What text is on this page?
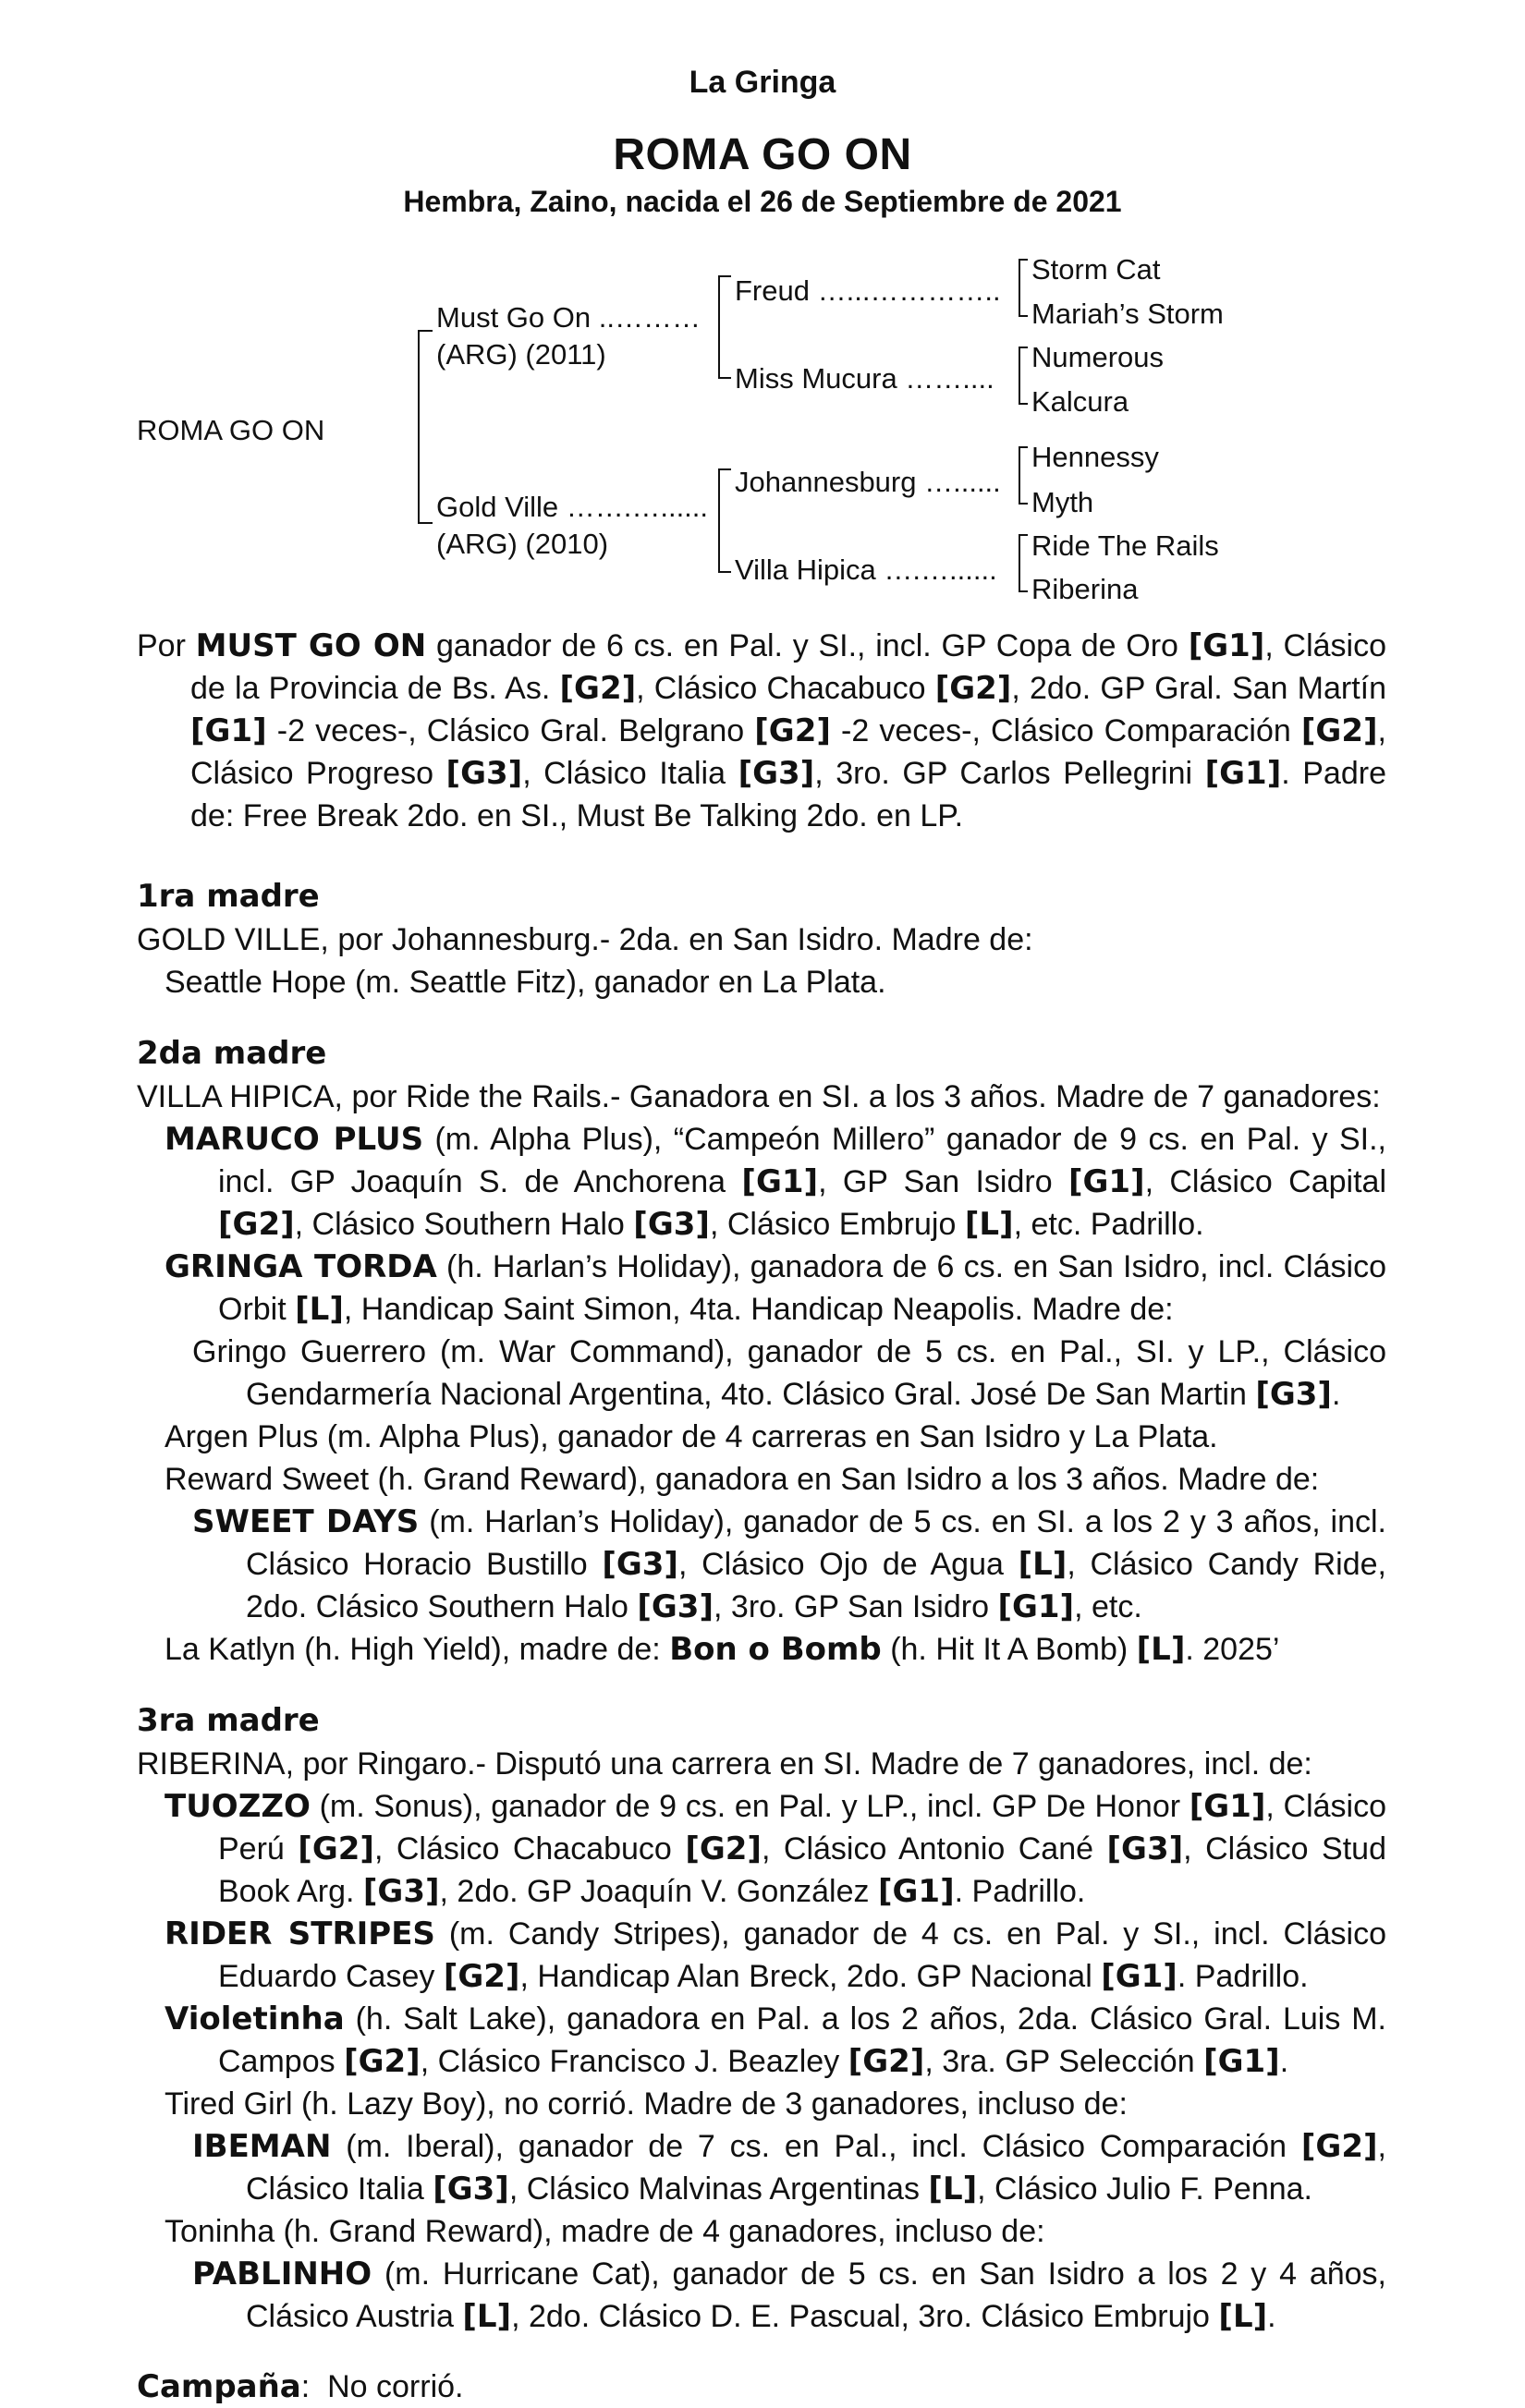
La Gringa
ROMA GO ON
Hembra, Zaino, nacida el 26 de Septiembre de 2021
ROMA GO ON
Must Go On ..………
(ARG) (2011)
Gold Ville …….…......
(ARG) (2010)
Freud …...…………..
Miss Mucura ……....
Johannesburg …......
Villa Hipica ….…......
Storm Cat
Mariah’s Storm
Numerous
Kalcura
Hennessy
Myth
Ride The Rails
Riberina

Por MUST GO ON ganador de 6 cs. en Pal. y SI., incl. GP Copa de Oro [G1], Clásico de la Provincia de Bs. As. [G2], Clásico Chacabuco [G2], 2do. GP Gral. San Martín [G1] -2 veces-, Clásico Gral. Belgrano [G2] -2 veces-, Clásico Comparación [G2], Clásico Progreso [G3], Clásico Italia [G3], 3ro. GP Carlos Pellegrini [G1]. Padre de: Free Break 2do. en SI., Must Be Talking 2do. en LP.

1ra madre

GOLD VILLE, por Johannesburg.- 2da. en San Isidro. Madre de:

Seattle Hope (m. Seattle Fitz), ganador en La Plata.

2da madre

VILLA HIPICA, por Ride the Rails.- Ganadora en SI. a los 3 años. Madre de 7 ganadores:

MARUCO PLUS (m. Alpha Plus), “Campeón Millero” ganador de 9 cs. en Pal. y SI., incl. GP Joaquín S. de Anchorena [G1], GP San Isidro [G1], Clásico Capital [G2], Clásico Southern Halo [G3], Clásico Embrujo [L], etc. Padrillo.

GRINGA TORDA (h. Harlan’s Holiday), ganadora de 6 cs. en San Isidro, incl. Clásico Orbit [L], Handicap Saint Simon, 4ta. Handicap Neapolis. Madre de:

Gringo Guerrero (m. War Command), ganador de 5 cs. en Pal., SI. y LP., Clásico Gendarmería Nacional Argentina, 4to. Clásico Gral. José De San Martin [G3].

Argen Plus (m. Alpha Plus), ganador de 4 carreras en San Isidro y La Plata.

Reward Sweet (h. Grand Reward), ganadora en San Isidro a los 3 años. Madre de:

SWEET DAYS (m. Harlan’s Holiday), ganador de 5 cs. en SI. a los 2 y 3 años, incl. Clásico Horacio Bustillo [G3], Clásico Ojo de Agua [L], Clásico Candy Ride, 2do. Clásico Southern Halo [G3], 3ro. GP San Isidro [G1], etc.

La Katlyn (h. High Yield), madre de: Bon o Bomb (h. Hit It A Bomb) [L]. 2025’

3ra madre

RIBERINA, por Ringaro.- Disputó una carrera en SI. Madre de 7 ganadores, incl. de:

TUOZZO (m. Sonus), ganador de 9 cs. en Pal. y LP., incl. GP De Honor [G1], Clásico Perú [G2], Clásico Chacabuco [G2], Clásico Antonio Cané [G3], Clásico Stud Book Arg. [G3], 2do. GP Joaquín V. González [G1]. Padrillo.

RIDER STRIPES (m. Candy Stripes), ganador de 4 cs. en Pal. y SI., incl. Clásico Eduardo Casey [G2], Handicap Alan Breck, 2do. GP Nacional [G1]. Padrillo.

Violetinha (h. Salt Lake), ganadora en Pal. a los 2 años, 2da. Clásico Gral. Luis M. Campos [G2], Clásico Francisco J. Beazley [G2], 3ra. GP Selección [G1].

Tired Girl (h. Lazy Boy), no corrió. Madre de 3 ganadores, incluso de:

IBEMAN (m. Iberal), ganador de 7 cs. en Pal., incl. Clásico Comparación [G2], Clásico Italia [G3], Clásico Malvinas Argentinas [L], Clásico Julio F. Penna.

Toninha (h. Grand Reward), madre de 4 ganadores, incluso de:

PABLINHO (m. Hurricane Cat), ganador de 5 cs. en San Isidro a los 2 y 4 años, Clásico Austria [L], 2do. Clásico D. E. Pascual, 3ro. Clásico Embrujo [L].

Campaña:  No corrió.
